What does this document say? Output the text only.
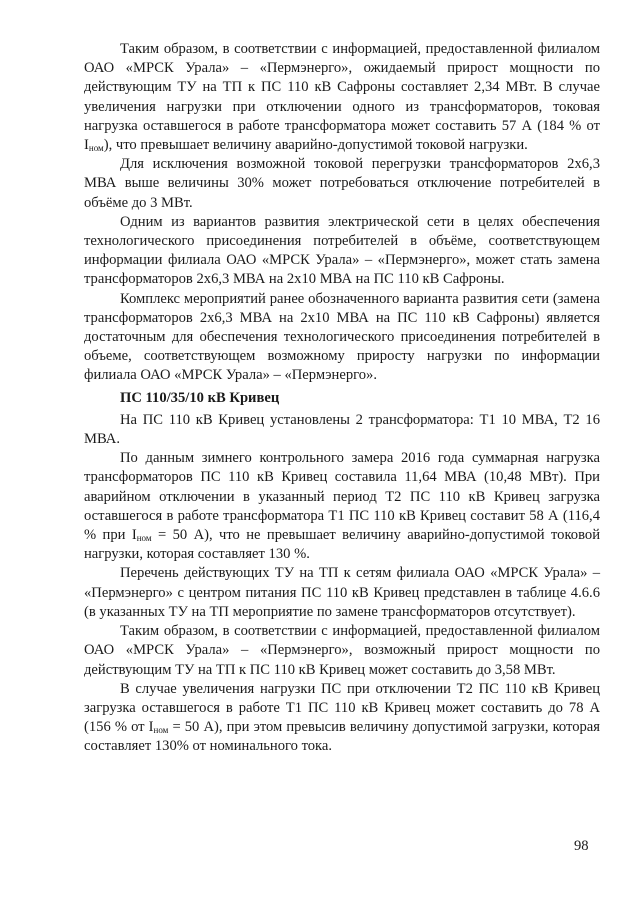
Таким образом, в соответствии с информацией, предоставленной филиалом ОАО «МРСК Урала» – «Пермэнерго», ожидаемый прирост мощности по действующим ТУ на ТП к ПС 110 кВ Сафроны составляет 2,34 МВт. В случае увеличения нагрузки при отключении одного из трансформаторов, токовая нагрузка оставшегося в работе трансформатора может составить 57 А (184 % от $I_{ном}$), что превышает величину аварийно-допустимой токовой нагрузки.

Для исключения возможной токовой перегрузки трансформаторов 2х6,3 МВА выше величины 30% может потребоваться отключение потребителей в объёме до 3 МВт.

Одним из вариантов развития электрической сети в целях обеспечения технологического присоединения потребителей в объёме, соответствующем информации филиала ОАО «МРСК Урала» – «Пермэнерго», может стать замена трансформаторов 2х6,3 МВА на 2х10 МВА на ПС 110 кВ Сафроны.

Комплекс мероприятий ранее обозначенного варианта развития сети (замена трансформаторов 2х6,3 МВА на 2х10 МВА на ПС 110 кВ Сафроны) является достаточным для обеспечения технологического присоединения потребителей в объеме, соответствующем возможному приросту нагрузки по информации филиала ОАО «МРСК Урала» – «Пермэнерго».

ПС 110/35/10 кВ Кривец

На ПС 110 кВ Кривец установлены 2 трансформатора: Т1 10 МВА, Т2 16 МВА.

По данным зимнего контрольного замера 2016 года суммарная нагрузка трансформаторов ПС 110 кВ Кривец составила 11,64 МВА (10,48 МВт). При аварийном отключении в указанный период Т2 ПС 110 кВ Кривец загрузка оставшегося в работе трансформатора Т1 ПС 110 кВ Кривец составит 58 А (116,4 % при $I_{ном} = 50$ А), что не превышает величину аварийно-допустимой токовой нагрузки, которая составляет 130 %.

Перечень действующих ТУ на ТП к сетям филиала ОАО «МРСК Урала» – «Пермэнерго» с центром питания ПС 110 кВ Кривец представлен в таблице 4.6.6 (в указанных ТУ на ТП мероприятие по замене трансформаторов отсутствует).

Таким образом, в соответствии с информацией, предоставленной филиалом ОАО «МРСК Урала» – «Пермэнерго», возможный прирост мощности по действующим ТУ на ТП к ПС 110 кВ Кривец может составить до 3,58 МВт.

В случае увеличения нагрузки ПС при отключении Т2 ПС 110 кВ Кривец загрузка оставшегося в работе Т1 ПС 110 кВ Кривец может составить до 78 А (156 % от $I_{ном} = 50$ А), при этом превысив величину допустимой загрузки, которая составляет 130% от номинального тока.

98
